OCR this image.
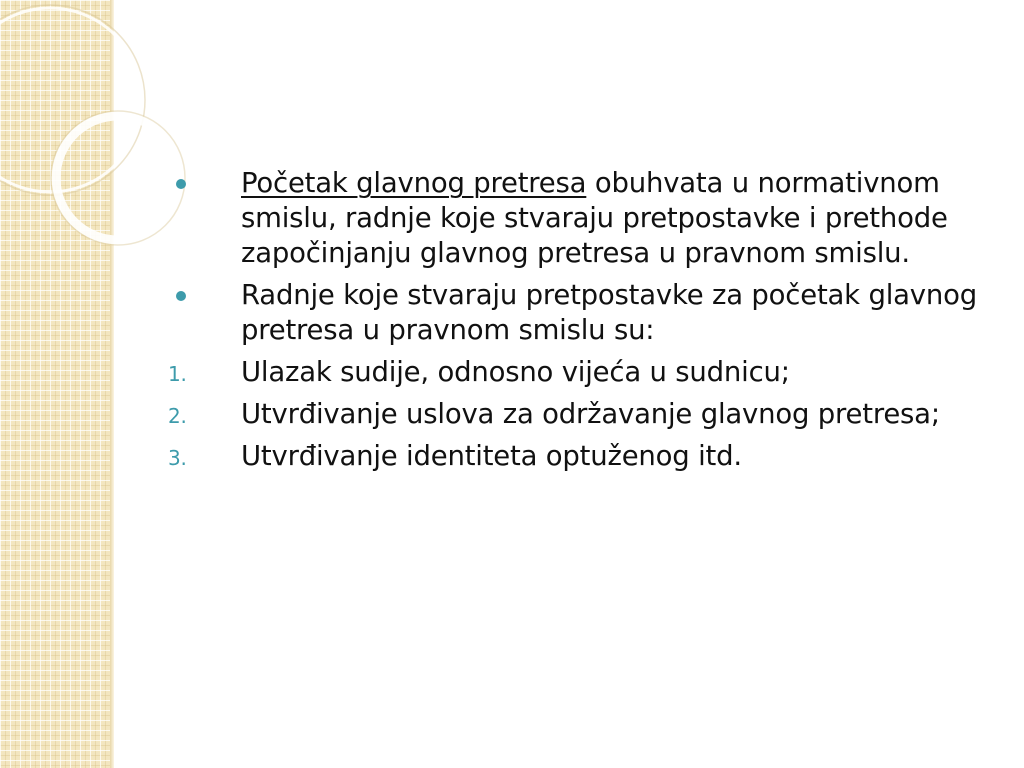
Početak glavnog pretresa obuhvata u normativnom smislu, radnje koje stvaraju pretpostavke i prethode započinjanju glavnog pretresa u pravnom smislu.
Radnje koje stvaraju pretpostavke za početak glavnog pretresa u pravnom smislu su:
1. Ulazak sudije, odnosno vijeća u sudnicu;
2. Utvrđivanje uslova za održavanje glavnog pretresa;
3. Utvrđivanje identiteta optuženog itd.
